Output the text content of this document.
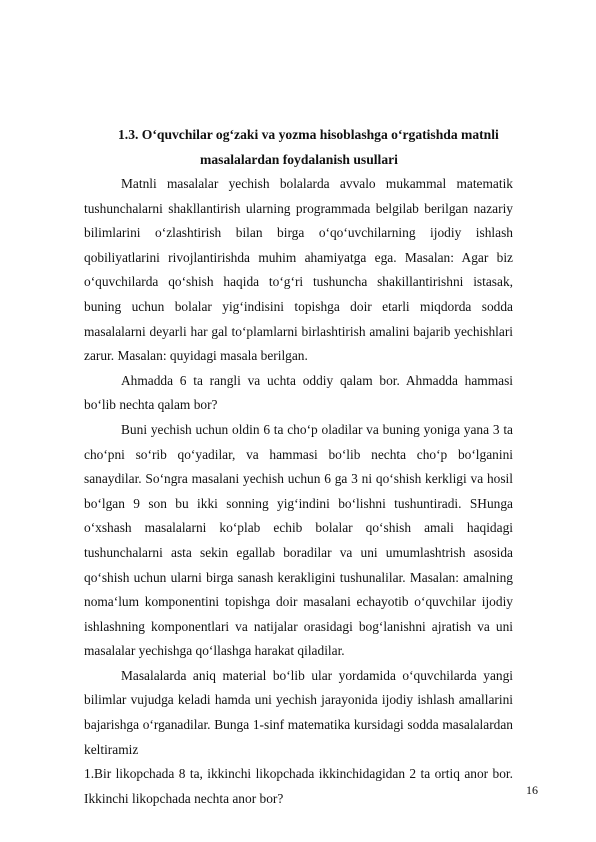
1.3. O‘quvchilar og‘zaki va yozma hisoblashga o‘rgatishda matnli
masalalardan foydalanish usullari

Matnli masalalar yechish bolalarda avvalo mukammal matematik tushunchalarni shakllantirish ularning programmada belgilab berilgan nazariy bilimlarini o‘zlashtirish bilan birga o‘qo‘uvchilarning ijodiy ishlash qobiliyatlarini rivojlantirishda muhim ahamiyatga ega. Masalan: Agar biz o‘quvchilarda qo‘shish haqida to‘g‘ri tushuncha shakillantirishni istasak, buning uchun bolalar yig‘indisini topishga doir etarli miqdorda sodda masalalarni deyarli har gal to‘plamlarni birlashtirish amalini bajarib yechishlari zarur. Masalan: quyidagi masala berilgan.

Ahmadda 6 ta rangli va uchta oddiy qalam bor. Ahmadda hammasi bo‘lib nechta qalam bor?

Buni yechish uchun oldin 6 ta cho‘p oladilar va buning yoniga yana 3 ta cho‘pni so‘rib qo‘yadilar, va hammasi bo‘lib nechta cho‘p bo‘lganini sanaydilar. So‘ngra masalani yechish uchun 6 ga 3 ni qo‘shish kerkligi va hosil bo‘lgan 9 son bu ikki sonning yig‘indini bo‘lishni tushuntiradi. SHunga o‘xshash masalalarni ko‘plab echib bolalar qo‘shish amali haqidagi tushunchalarni asta sekin egallab boradilar va uni umumlashtrish asosida qo‘shish uchun ularni birga sanash kerakligini tushunalilar. Masalan: amalning noma‘lum komponentini topishga doir masalani echayotib o‘quvchilar ijodiy ishlashning komponentlari va natijalar orasidagi bog‘lanishni ajratish va uni masalalar yechishga qo‘llashga harakat qiladilar.

Masalalarda aniq material bo‘lib ular yordamida o‘quvchilarda yangi bilimlar vujudga keladi hamda uni yechish jarayonida ijodiy ishlash amallarini bajarishga o‘rganadilar. Bunga 1-sinf matematika kursidagi sodda masalalardan keltiramiz

1.Bir likopchada 8 ta, ikkinchi likopchada ikkinchidagidan 2 ta ortiq anor bor. Ikkinchi likopchada nechta anor bor?

16
